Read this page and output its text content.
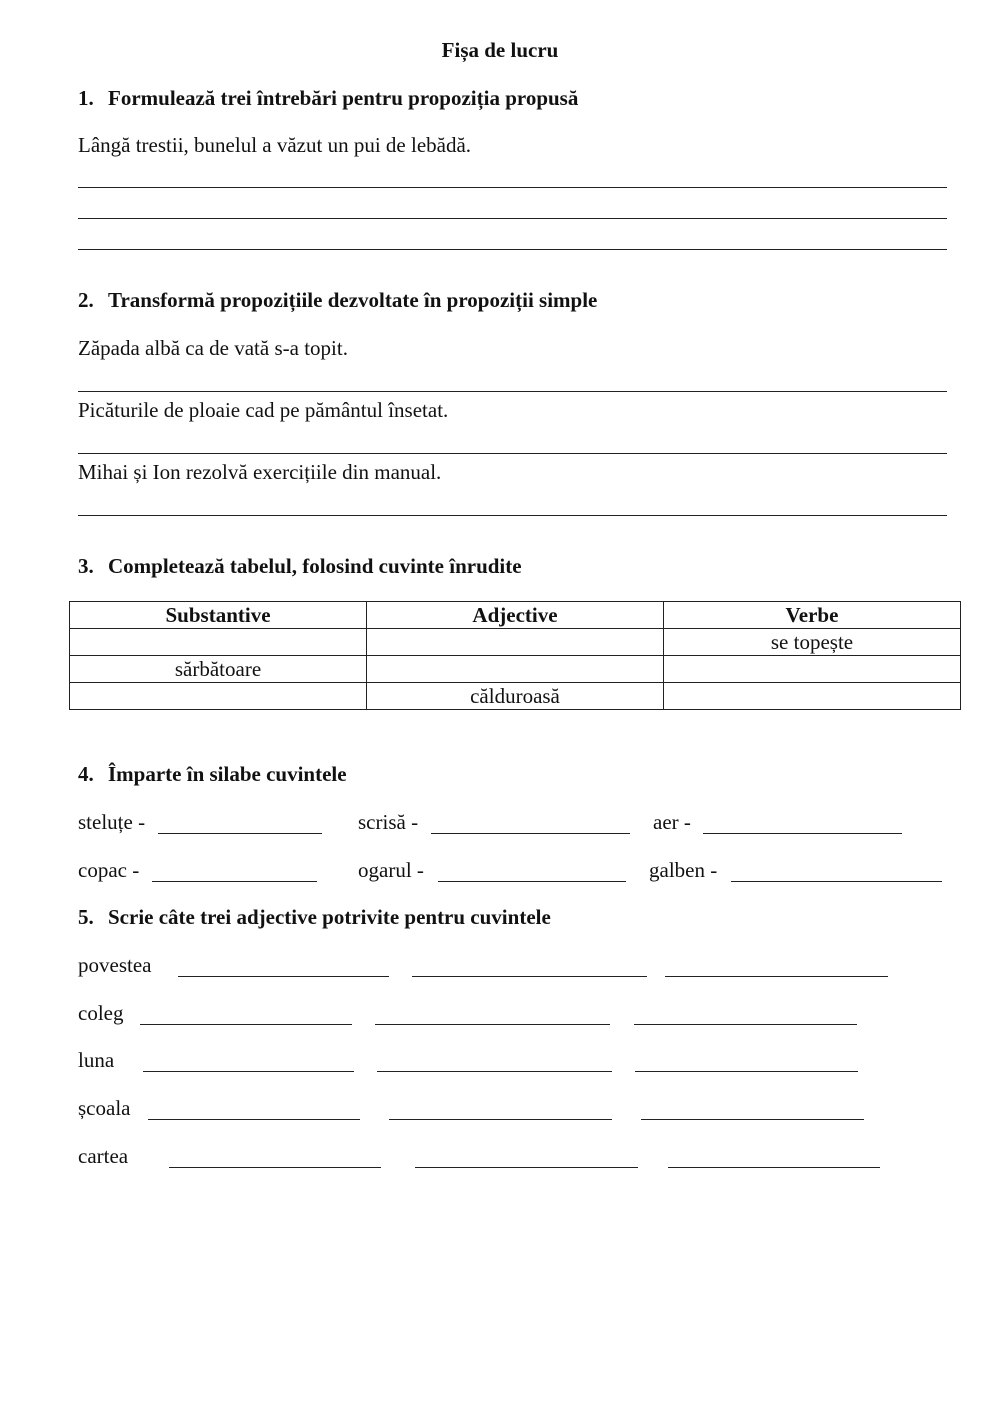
Fișa de lucru
1. Formulează trei întrebări pentru propoziția propusă
Lângă trestii, bunelul a văzut un pui de lebădă.
2. Transformă propozițiile dezvoltate în propoziții simple
Zăpada albă ca de vată s-a topit.
Picăturile de ploaie cad pe pământul însetat.
Mihai și Ion rezolvă exercițiile din manual.
3. Completează tabelul, folosind cuvinte înrudite
Substantive	Adjective	Verbe
		se topește
sărbătoare		
	călduroasă	
4. Împarte în silabe cuvintele
steluțe -	scrisă -	aer -
copac -	ogarul -	galben -
5. Scrie câte trei adjective potrivite pentru cuvintele
povestea
coleg
luna
școala
cartea
